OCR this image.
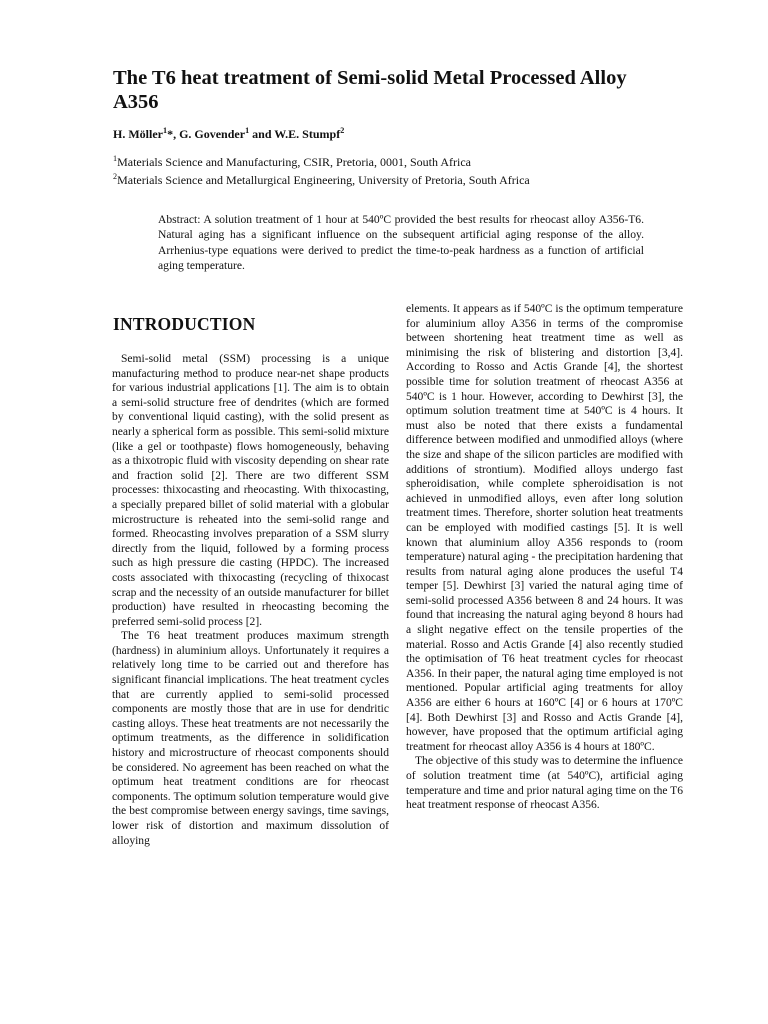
The T6 heat treatment of Semi-solid Metal Processed Alloy A356

H. Möller$^1$*, G. Govender$^1$ and W.E. Stumpf$^2$

$^1$Materials Science and Manufacturing, CSIR, Pretoria, 0001, South Africa

$^2$Materials Science and Metallurgical Engineering, University of Pretoria, South Africa

Abstract: A solution treatment of 1 hour at 540ºC provided the best results for rheocast alloy A356-T6. Natural aging has a significant influence on the subsequent artificial aging response of the alloy. Arrhenius-type equations were derived to predict the time-to-peak hardness as a function of artificial aging temperature.

INTRODUCTION

Semi-solid metal (SSM) processing is a unique manufacturing method to produce near-net shape products for various industrial applications [1]. The aim is to obtain a semi-solid structure free of dendrites (which are formed by conventional liquid casting), with the solid present as nearly a spherical form as possible. This semi-solid mixture (like a gel or toothpaste) flows homogeneously, behaving as a thixotropic fluid with viscosity depending on shear rate and fraction solid [2]. There are two different SSM processes: thixocasting and rheocasting. With thixocasting, a specially prepared billet of solid material with a globular microstructure is reheated into the semi-solid range and formed. Rheocasting involves preparation of a SSM slurry directly from the liquid, followed by a forming process such as high pressure die casting (HPDC). The increased costs associated with thixocasting (recycling of thixocast scrap and the necessity of an outside manufacturer for billet production) have resulted in rheocasting becoming the preferred semi-solid process [2].

The T6 heat treatment produces maximum strength (hardness) in aluminium alloys. Unfortunately it requires a relatively long time to be carried out and therefore has significant financial implications. The heat treatment cycles that are currently applied to semi-solid processed components are mostly those that are in use for dendritic casting alloys. These heat treatments are not necessarily the optimum treatments, as the difference in solidification history and microstructure of rheocast components should be considered. No agreement has been reached on what the optimum heat treatment conditions are for rheocast components. The optimum solution temperature would give the best compromise between energy savings, time savings, lower risk of distortion and maximum dissolution of alloying

elements. It appears as if 540ºC is the optimum temperature for aluminium alloy A356 in terms of the compromise between shortening heat treatment time as well as minimising the risk of blistering and distortion [3,4]. According to Rosso and Actis Grande [4], the shortest possible time for solution treatment of rheocast A356 at 540ºC is 1 hour. However, according to Dewhirst [3], the optimum solution treatment time at 540ºC is 4 hours. It must also be noted that there exists a fundamental difference between modified and unmodified alloys (where the size and shape of the silicon particles are modified with additions of strontium). Modified alloys undergo fast spheroidisation, while complete spheroidisation is not achieved in unmodified alloys, even after long solution treatment times. Therefore, shorter solution heat treatments can be employed with modified castings [5]. It is well known that aluminium alloy A356 responds to (room temperature) natural aging - the precipitation hardening that results from natural aging alone produces the useful T4 temper [5]. Dewhirst [3] varied the natural aging time of semi-solid processed A356 between 8 and 24 hours. It was found that increasing the natural aging beyond 8 hours had a slight negative effect on the tensile properties of the material. Rosso and Actis Grande [4] also recently studied the optimisation of T6 heat treatment cycles for rheocast A356. In their paper, the natural aging time employed is not mentioned. Popular artificial aging treatments for alloy A356 are either 6 hours at 160ºC [4] or 6 hours at 170ºC [4]. Both Dewhirst [3] and Rosso and Actis Grande [4], however, have proposed that the optimum artificial aging treatment for rheocast alloy A356 is 4 hours at 180ºC.

The objective of this study was to determine the influence of solution treatment time (at 540ºC), artificial aging temperature and time and prior natural aging time on the T6 heat treatment response of rheocast A356.
